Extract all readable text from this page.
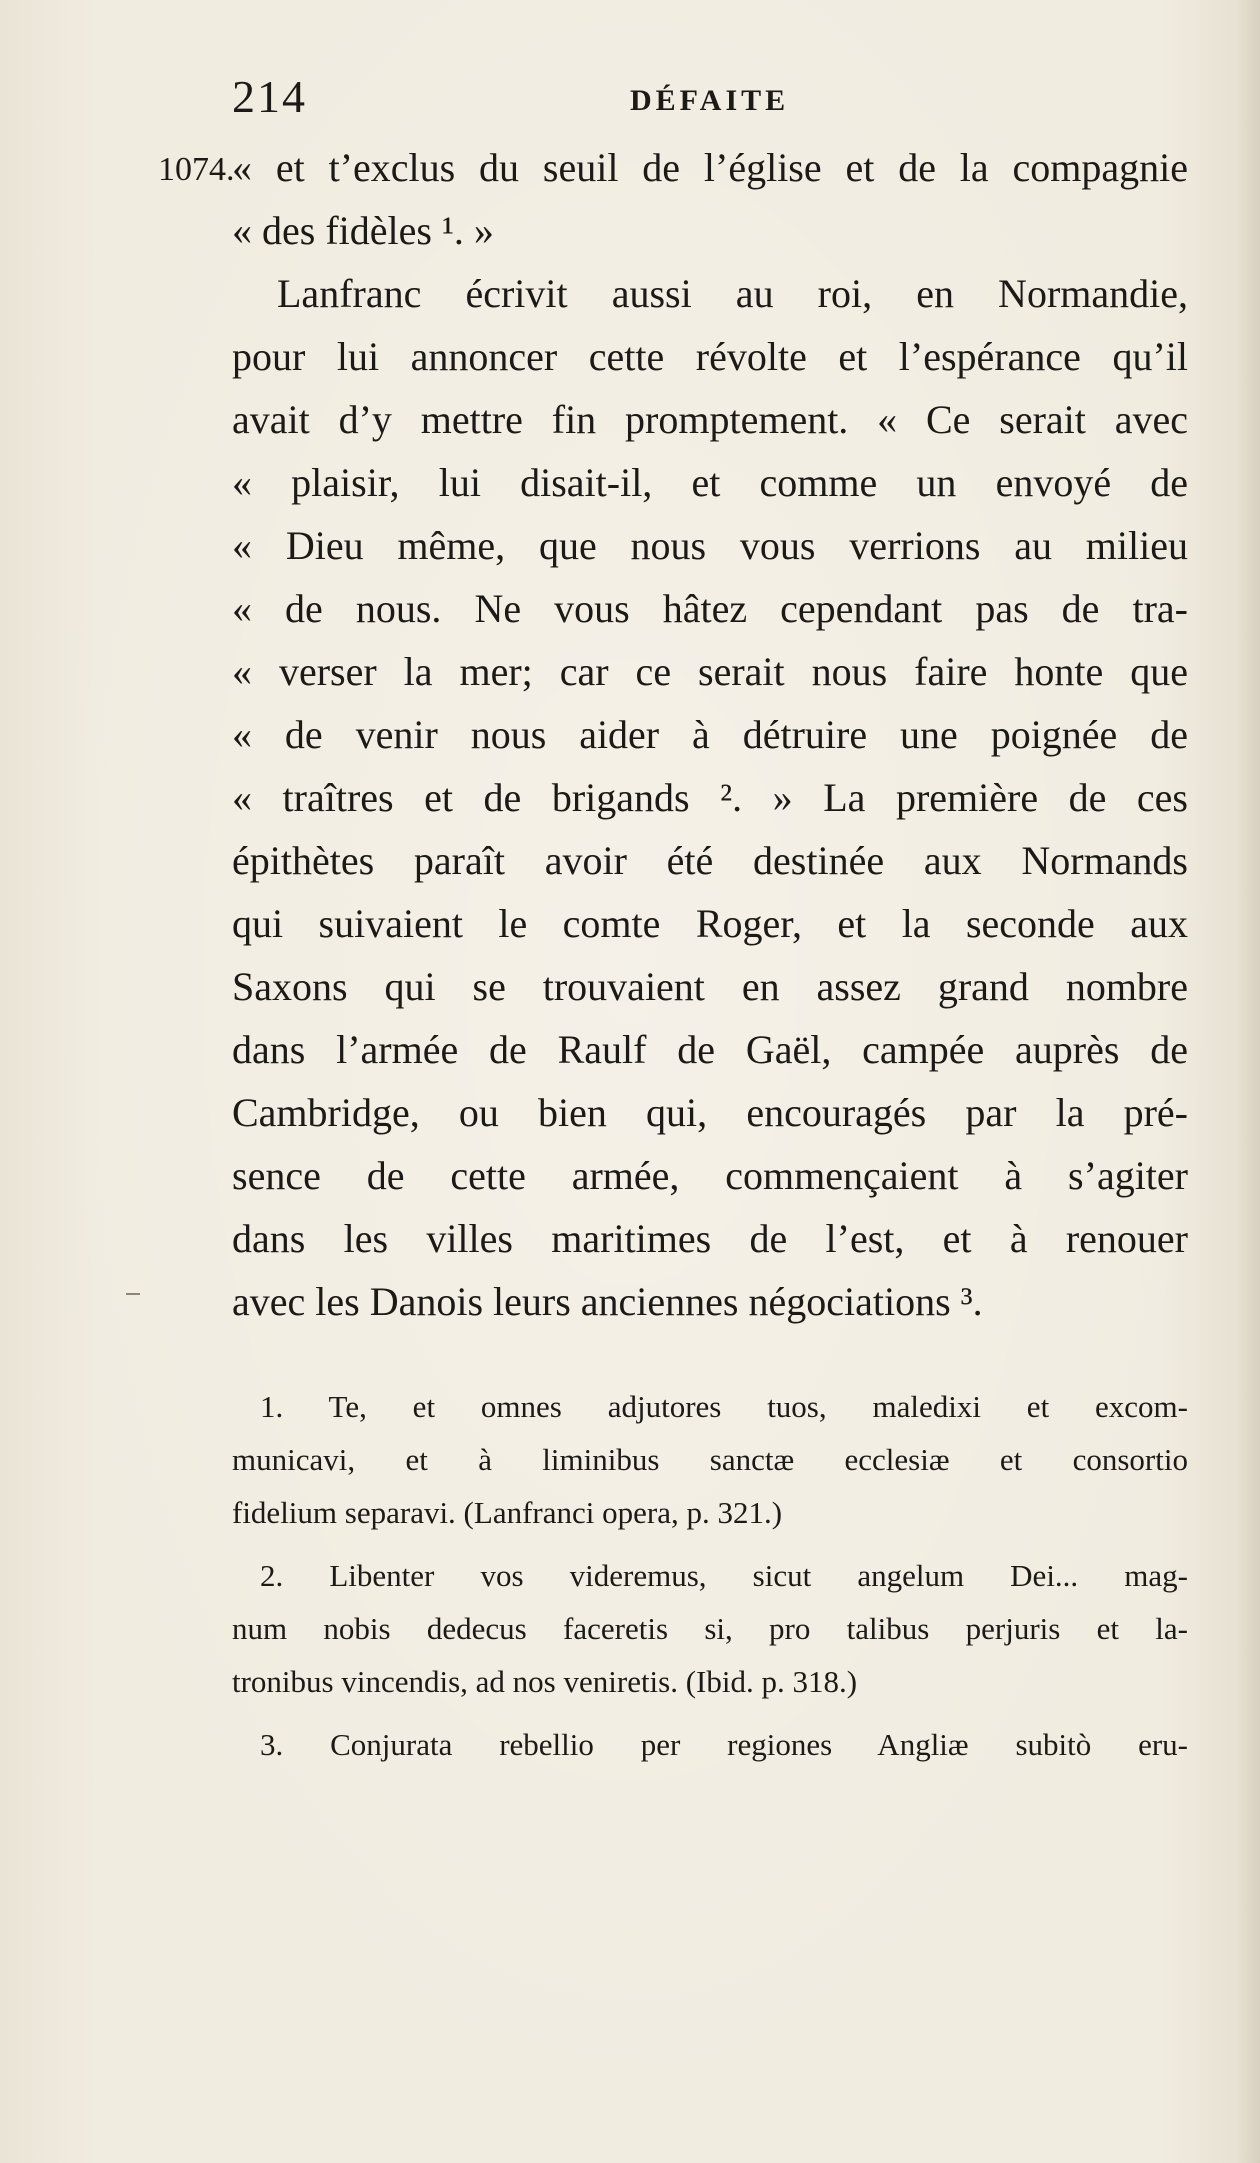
214	DÉFAITE
1074.
« et t’exclus du seuil de l’église et de la compagnie
« des fidèles ¹. »
Lanfranc écrivit aussi au roi, en Normandie,
pour lui annoncer cette révolte et l’espérance qu’il
avait d’y mettre fin promptement. « Ce serait avec
« plaisir, lui disait-il, et comme un envoyé de
« Dieu même, que nous vous verrions au milieu
« de nous. Ne vous hâtez cependant pas de tra-
« verser la mer; car ce serait nous faire honte que
« de venir nous aider à détruire une poignée de
« traîtres et de brigands ². » La première de ces
épithètes paraît avoir été destinée aux Normands
qui suivaient le comte Roger, et la seconde aux
Saxons qui se trouvaient en assez grand nombre
dans l’armée de Raulf de Gaël, campée auprès de
Cambridge, ou bien qui, encouragés par la pré-
sence de cette armée, commençaient à s’agiter
dans les villes maritimes de l’est, et à renouer
avec les Danois leurs anciennes négociations ³.
1. Te, et omnes adjutores tuos, maledixi et excom-
municavi, et à liminibus sanctæ ecclesiæ et consortio
fidelium separavi. (Lanfranci opera, p. 321.)
2. Libenter vos videremus, sicut angelum Dei... mag-
num nobis dedecus faceretis si, pro talibus perjuris et la-
tronibus vincendis, ad nos veniretis. (Ibid. p. 318.)
3. Conjurata rebellio per regiones Angliæ subitò eru-
